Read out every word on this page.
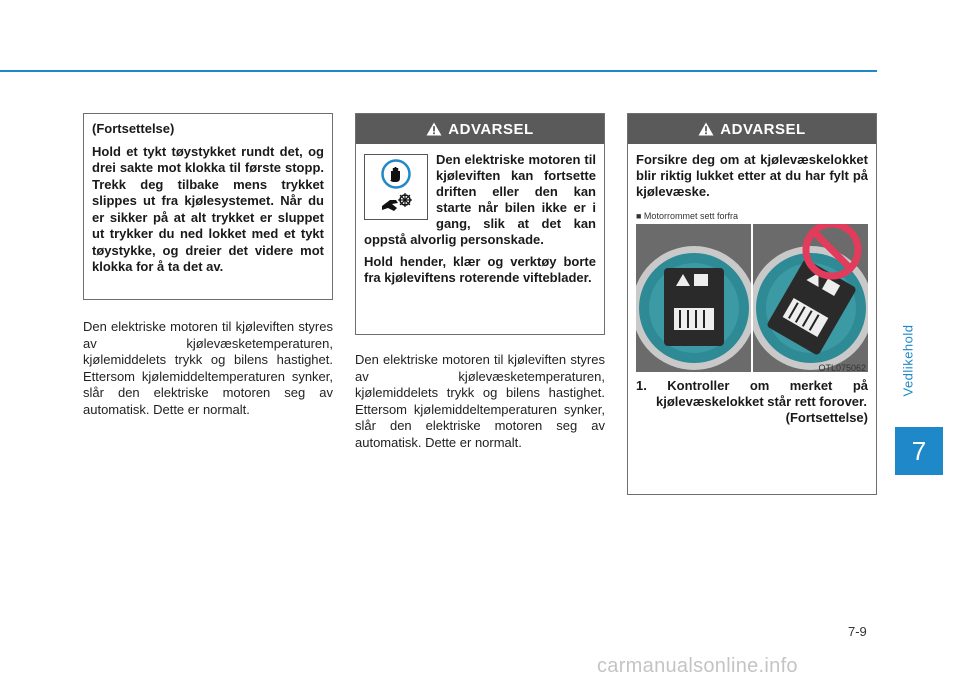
Vedlikehold
7
7-9
carmanualsonline.info

(Fortsettelse)

Hold et tykt tøystykket rundt det, og drei sakte mot klokka til første stopp. Trekk deg tilbake mens trykket slippes ut fra kjølesystemet. Når du er sikker på at alt trykket er sluppet ut trykker du ned lokket med et tykt tøystykke, og dreier det videre mot klokka for å ta det av.

Den elektriske motoren til kjøleviften styres av kjølevæsketemperaturen, kjølemiddelets trykk og bilens hastighet. Ettersom kjølemiddeltemperaturen synker, slår den elektriske motoren seg av automatisk. Dette er normalt.

ADVARSEL

Den elektriske motoren til kjøleviften kan fortsette driften eller den kan starte når bilen ikke er i gang, slik at det kan oppstå alvorlig personskade.

Hold hender, klær og verktøy borte fra kjøleviftens roterende vifteblader.

Den elektriske motoren til kjøleviften styres av kjølevæsketemperaturen, kjølemiddelets trykk og bilens hastighet. Ettersom kjølemiddeltemperaturen synker, slår den elektriske motoren seg av automatisk. Dette er normalt.

ADVARSEL

Forsikre deg om at kjølevæskelokket blir riktig lukket etter at du har fylt på kjølevæske.

■ Motorrommet sett forfra
OTL075062

1. Kontroller om merket på kjølevæskelokket står rett forover.

(Fortsettelse)
